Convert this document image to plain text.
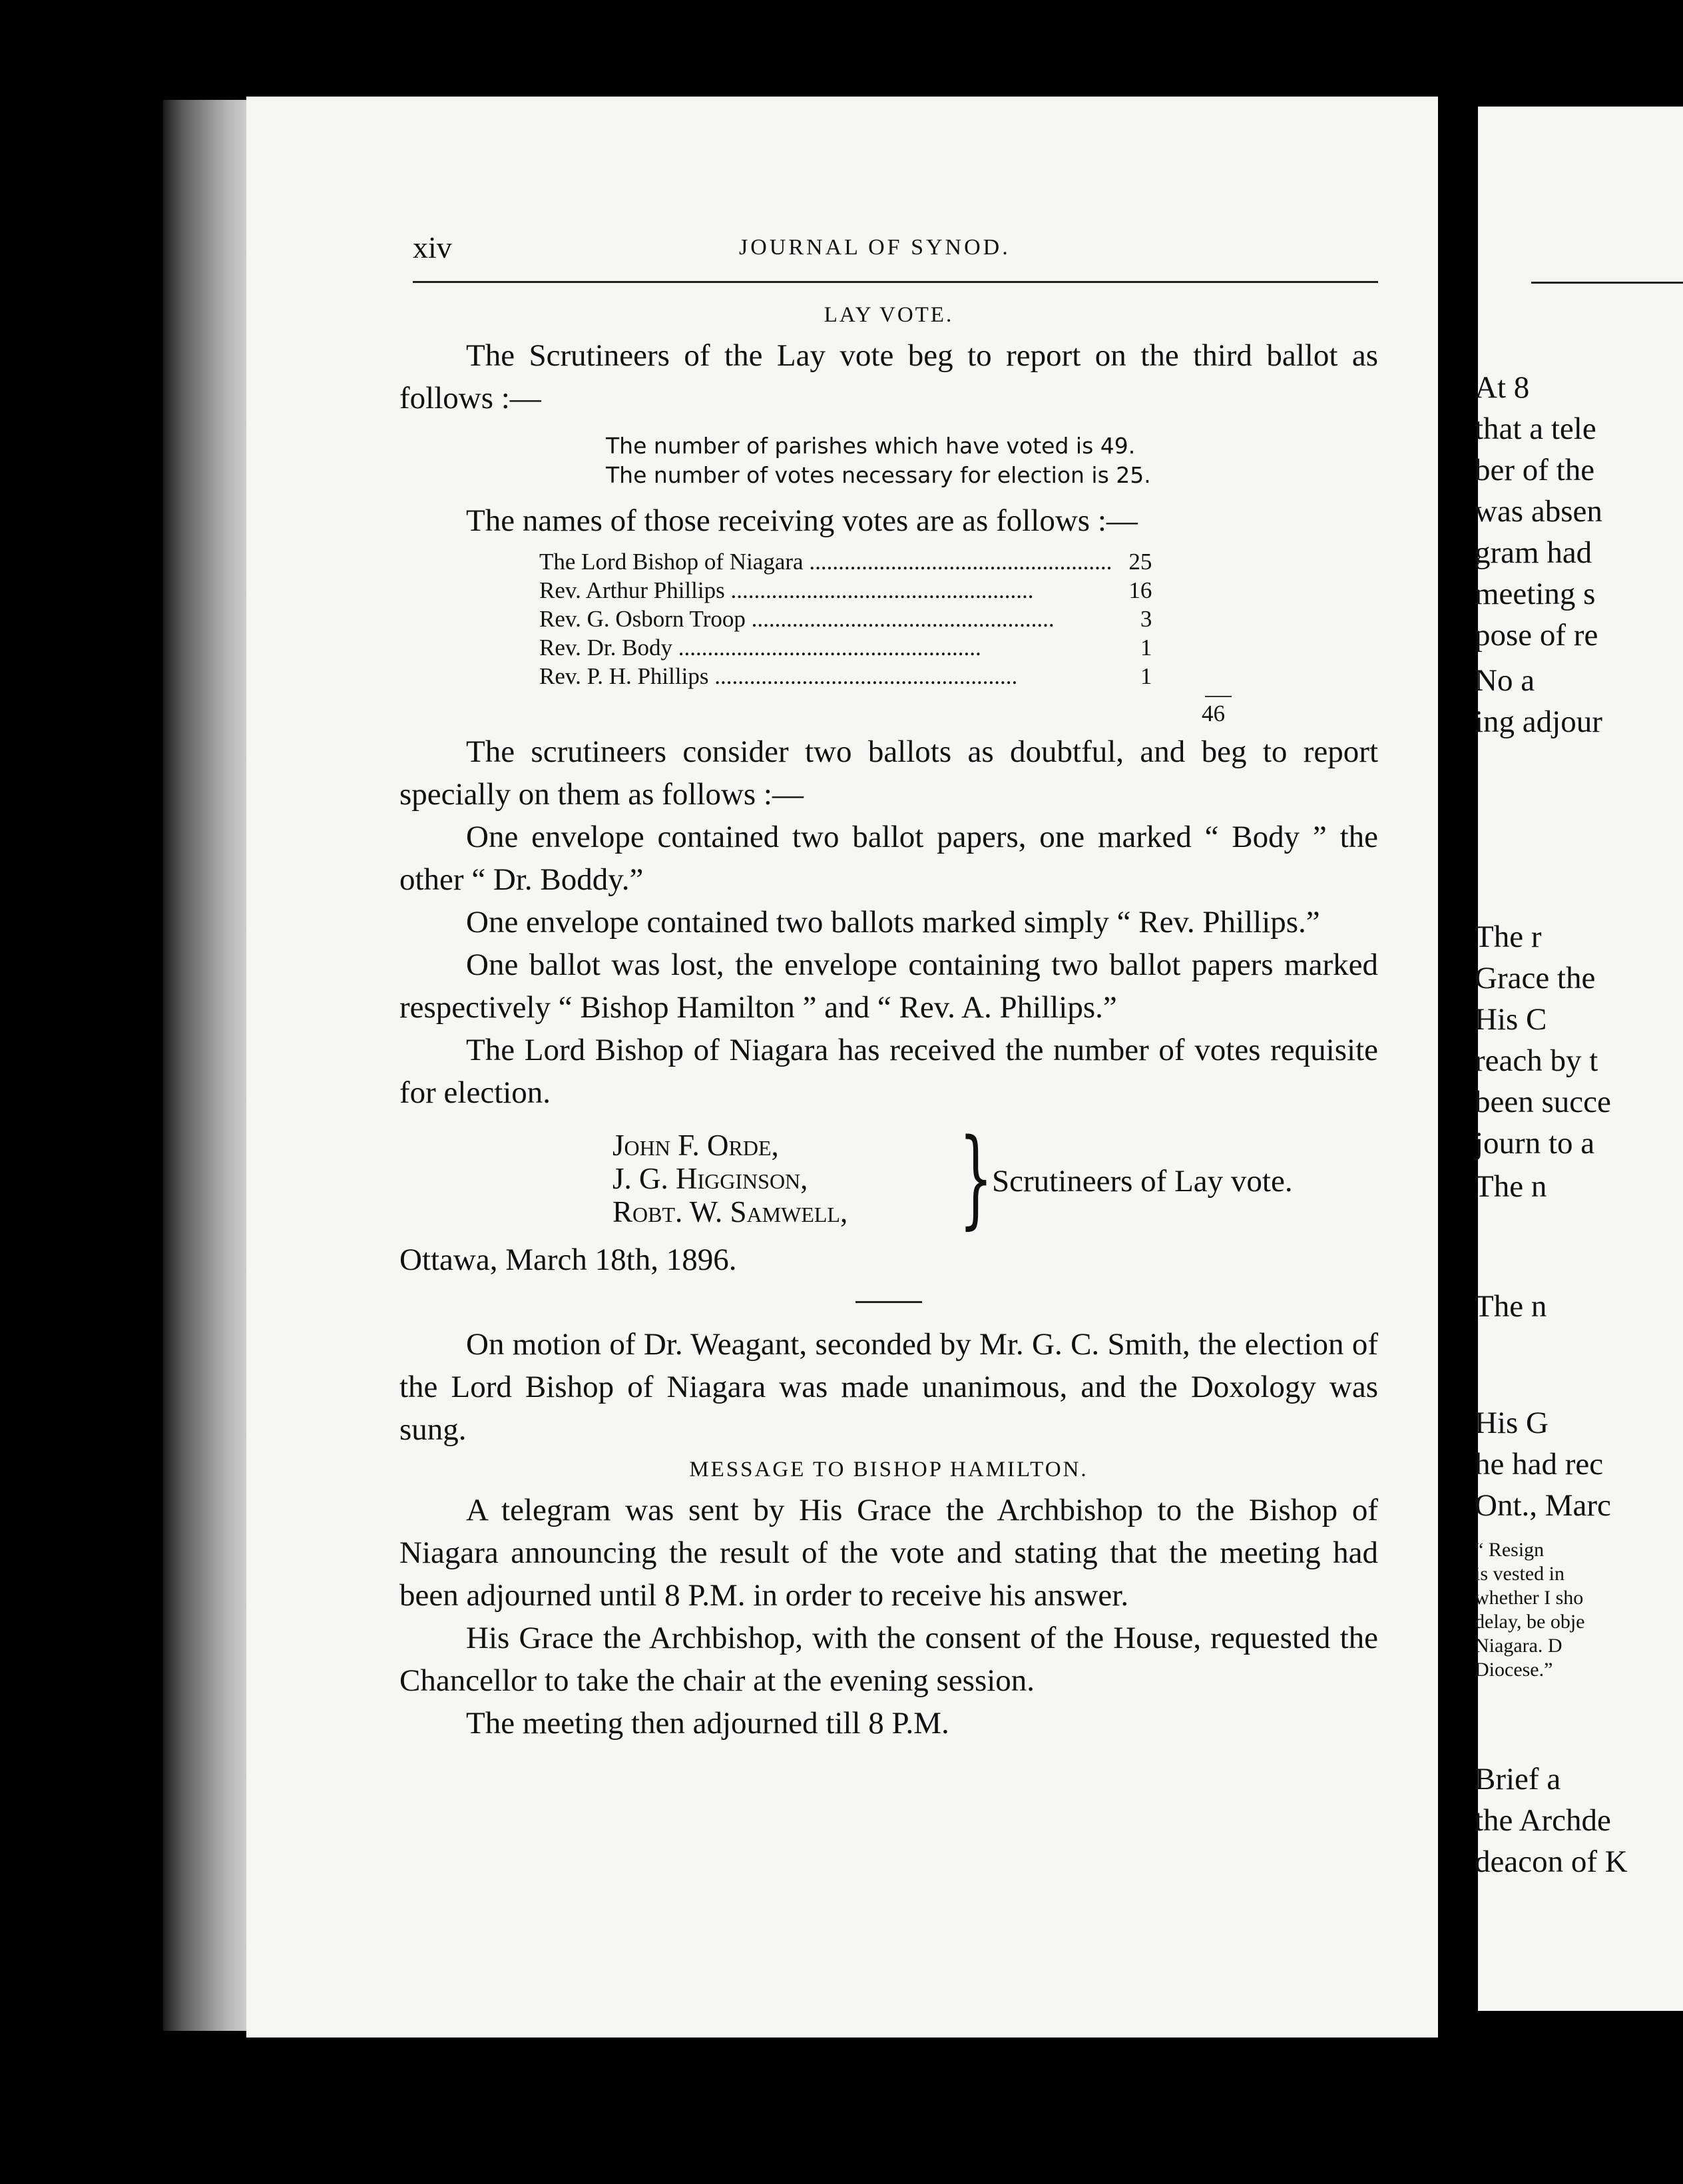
xiv	JOURNAL OF SYNOD.
LAY VOTE.

The Scrutineers of the Lay vote beg to report on the third ballot as follows :—

The number of parishes which have voted is 49.
The number of votes necessary for election is 25.

The names of those receiving votes are as follows :—

The Lord Bishop of Niagara ....................................................	25
Rev. Arthur Phillips ....................................................	16
Rev. G. Osborn Troop ....................................................	3
Rev. Dr. Body ....................................................	1
Rev. P. H. Phillips ....................................................	1
46

The scrutineers consider two ballots as doubtful, and beg to report specially on them as follows :—

One envelope contained two ballot papers, one marked “ Body ” the other “ Dr. Boddy.”

One envelope contained two ballots marked simply “ Rev. Phillips.”

One ballot was lost, the envelope containing two ballot papers marked respectively “ Bishop Hamilton ” and “ Rev. A. Phillips.”

The Lord Bishop of Niagara has received the number of votes requisite for election.

John F. Orde,
J. G. Higginson,
Robt. W. Samwell,	}
Scrutineers of Lay vote.

Ottawa, March 18th, 1896.

On motion of Dr. Weagant, seconded by Mr. G. C. Smith, the election of the Lord Bishop of Niagara was made unanimous, and the Doxology was sung.

MESSAGE TO BISHOP HAMILTON.

A telegram was sent by His Grace the Archbishop to the Bishop of Niagara announcing the result of the vote and stating that the meeting had been adjourned until 8 P.M. in order to receive his answer.

His Grace the Archbishop, with the consent of the House, requested the Chancellor to take the chair at the evening session.

The meeting then adjourned till 8 P.M.

At 8
that a tele
ber of the
was absen
gram had
meeting s
pose of re
No a
ing adjour
The r
Grace the
His C
reach by t
been succe
journ to a
The n
The n
His G
he had rec
Ont., Marc
“ Resign
is vested in
whether I sho
delay, be obje
Niagara. D
Diocese.”
Brief a
the Archde
deacon of K
